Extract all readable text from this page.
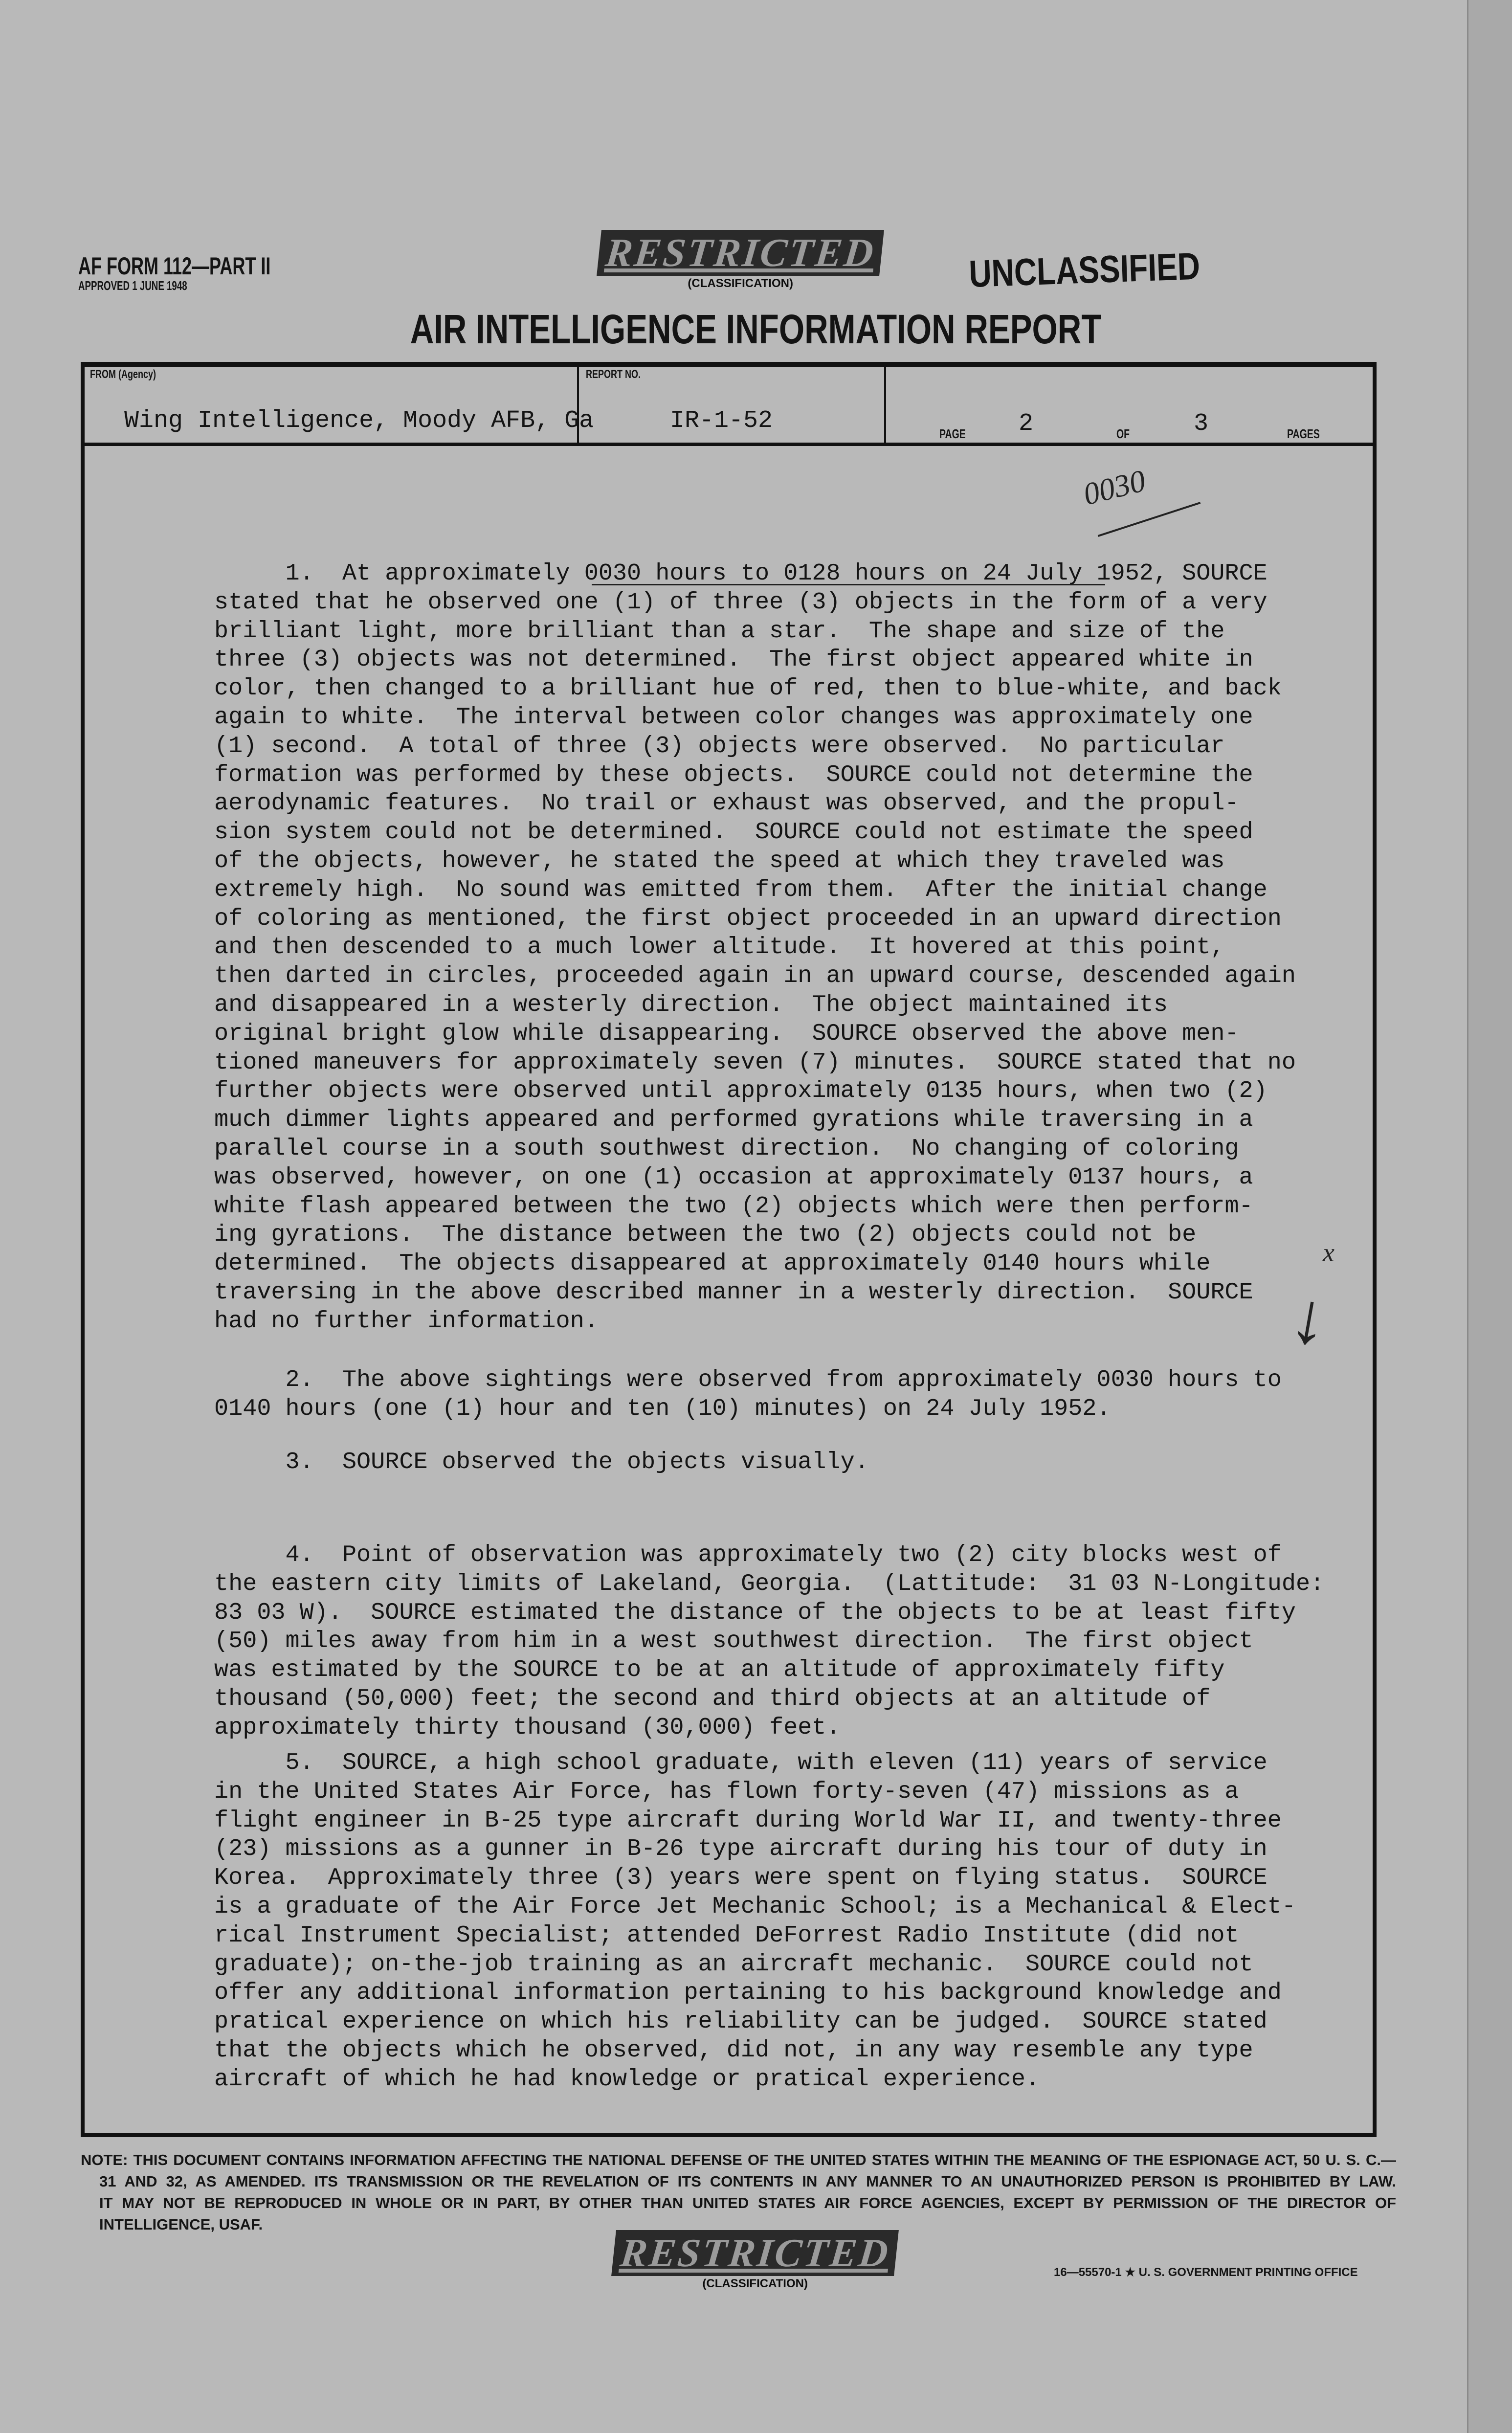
AF FORM 112—PART II
APPROVED 1 JUNE 1948
RESTRICTED
(CLASSIFICATION)	UNCLASSIFIED
AIR INTELLIGENCE INFORMATION REPORT
FROM (Agency)
Wing Intelligence, Moody AFB, Ga
REPORT NO.
IR-1-52	PAGE 2	OF	3	PAGES
0030
x
↓
1.  At approximately 0030 hours to 0128 hours on 24 July 1952, SOURCE
stated that he observed one (1) of three (3) objects in the form of a very
brilliant light, more brilliant than a star.  The shape and size of the
three (3) objects was not determined.  The first object appeared white in
color, then changed to a brilliant hue of red, then to blue-white, and back
again to white.  The interval between color changes was approximately one
(1) second.  A total of three (3) objects were observed.  No particular
formation was performed by these objects.  SOURCE could not determine the
aerodynamic features.  No trail or exhaust was observed, and the propul-
sion system could not be determined.  SOURCE could not estimate the speed
of the objects, however, he stated the speed at which they traveled was
extremely high.  No sound was emitted from them.  After the initial change
of coloring as mentioned, the first object proceeded in an upward direction
and then descended to a much lower altitude.  It hovered at this point,
then darted in circles, proceeded again in an upward course, descended again
and disappeared in a westerly direction.  The object maintained its
original bright glow while disappearing.  SOURCE observed the above men-
tioned maneuvers for approximately seven (7) minutes.  SOURCE stated that no
further objects were observed until approximately 0135 hours, when two (2)
much dimmer lights appeared and performed gyrations while traversing in a
parallel course in a south southwest direction.  No changing of coloring
was observed, however, on one (1) occasion at approximately 0137 hours, a
white flash appeared between the two (2) objects which were then perform-
ing gyrations.  The distance between the two (2) objects could not be
determined.  The objects disappeared at approximately 0140 hours while
traversing in the above described manner in a westerly direction.  SOURCE
had no further information.
2.  The above sightings were observed from approximately 0030 hours to
0140 hours (one (1) hour and ten (10) minutes) on 24 July 1952.
3.  SOURCE observed the objects visually.
4.  Point of observation was approximately two (2) city blocks west of
the eastern city limits of Lakeland, Georgia.  (Lattitude:  31 03 N-Longitude:
83 03 W).  SOURCE estimated the distance of the objects to be at least fifty
(50) miles away from him in a west southwest direction.  The first object
was estimated by the SOURCE to be at an altitude of approximately fifty
thousand (50,000) feet; the second and third objects at an altitude of
approximately thirty thousand (30,000) feet.
5.  SOURCE, a high school graduate, with eleven (11) years of service
in the United States Air Force, has flown forty-seven (47) missions as a
flight engineer in B-25 type aircraft during World War II, and twenty-three
(23) missions as a gunner in B-26 type aircraft during his tour of duty in
Korea.  Approximately three (3) years were spent on flying status.  SOURCE
is a graduate of the Air Force Jet Mechanic School; is a Mechanical & Elect-
rical Instrument Specialist; attended DeForrest Radio Institute (did not
graduate); on-the-job training as an aircraft mechanic.  SOURCE could not
offer any additional information pertaining to his background knowledge and
pratical experience on which his reliability can be judged.  SOURCE stated
that the objects which he observed, did not, in any way resemble any type
aircraft of which he had knowledge or pratical experience.
NOTE: THIS DOCUMENT CONTAINS INFORMATION AFFECTING THE NATIONAL DEFENSE OF THE UNITED STATES WITHIN THE MEANING OF THE ESPIONAGE ACT, 50 U. S. C.—
31 AND 32, AS AMENDED. ITS TRANSMISSION OR THE REVELATION OF ITS CONTENTS IN ANY MANNER TO AN UNAUTHORIZED PERSON IS PROHIBITED BY LAW.
IT MAY NOT BE REPRODUCED IN WHOLE OR IN PART, BY OTHER THAN UNITED STATES AIR FORCE AGENCIES, EXCEPT BY PERMISSION OF THE DIRECTOR OF
INTELLIGENCE, USAF.
RESTRICTED
(CLASSIFICATION)
16—55570-1 ★ U. S. GOVERNMENT PRINTING OFFICE
